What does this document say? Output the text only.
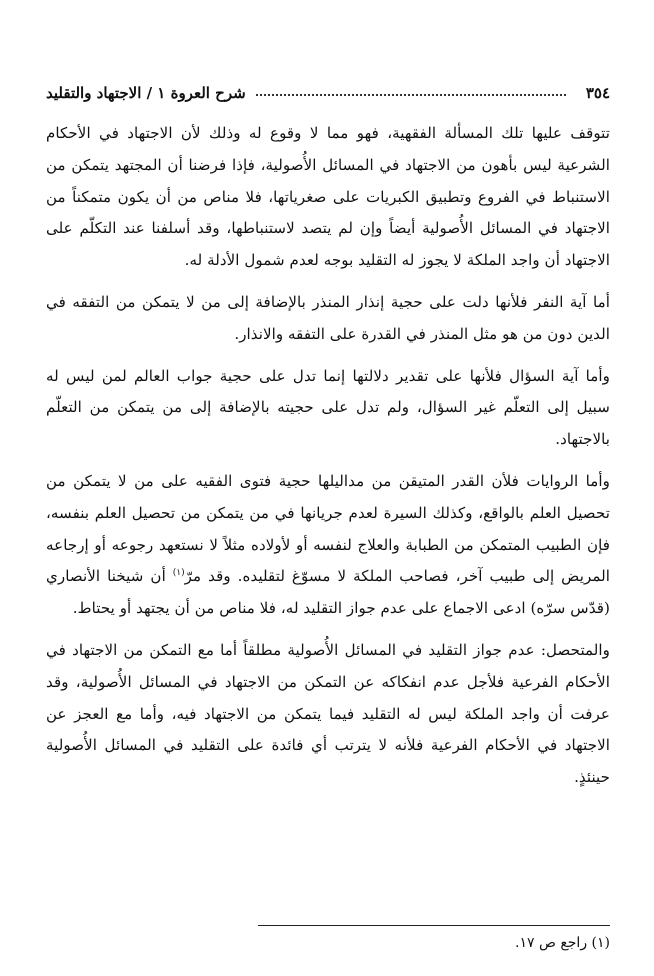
٣٥٤
شرح العروة ١ / الاجتهاد والتقليد

تتوقف عليها تلك المسألة الفقهية، فهو مما لا وقوع له وذلك لأن الاجتهاد في الأحكام الشرعية ليس بأهون من الاجتهاد في المسائل الأُصولية، فإذا فرضنا أن المجتهد يتمكن من الاستنباط في الفروع وتطبيق الكبريات على صغرياتها، فلا مناص من أن يكون متمكناً من الاجتهاد في المسائل الأُصولية أيضاً وإن لم يتصد لاستنباطها، وقد أسلفنا عند التكلّم على الاجتهاد أن واجد الملكة لا يجوز له التقليد بوجه لعدم شمول الأدلة له.

أما آية النفر فلأنها دلت على حجية إنذار المنذر بالإضافة إلى من لا يتمكن من التفقه في الدين دون من هو مثل المنذر في القدرة على التفقه والانذار.

وأما آية السؤال فلأنها على تقدير دلالتها إنما تدل على حجية جواب العالم لمن ليس له سبيل إلى التعلّم غير السؤال، ولم تدل على حجيته بالإضافة إلى من يتمكن من التعلّم بالاجتهاد.

وأما الروايات فلأن القدر المتيقن من مداليلها حجية فتوى الفقيه على من لا يتمكن من تحصيل العلم بالواقع، وكذلك السيرة لعدم جريانها في من يتمكن من تحصيل العلم بنفسه، فإن الطبيب المتمكن من الطبابة والعلاج لنفسه أو لأولاده مثلاً لا نستعهد رجوعه أو إرجاعه المريض إلى طبيب آخر، فصاحب الملكة لا مسوّغ لتقليده. وقد مرّ$^{(١)}$ أن شيخنا الأنصاري (قدّس سرّه) ادعى الاجماع على عدم جواز التقليد له، فلا مناص من أن يجتهد أو يحتاط.

والمتحصل: عدم جواز التقليد في المسائل الأُصولية مطلقاً أما مع التمكن من الاجتهاد في الأحكام الفرعية فلأجل عدم انفكاكه عن التمكن من الاجتهاد في المسائل الأُصولية، وقد عرفت أن واجد الملكة ليس له التقليد فيما يتمكن من الاجتهاد فيه، وأما مع العجز عن الاجتهاد في الأحكام الفرعية فلأنه لا يترتب أي فائدة على التقليد في المسائل الأُصولية حينئذٍ.

(١) راجع ص ١٧.
